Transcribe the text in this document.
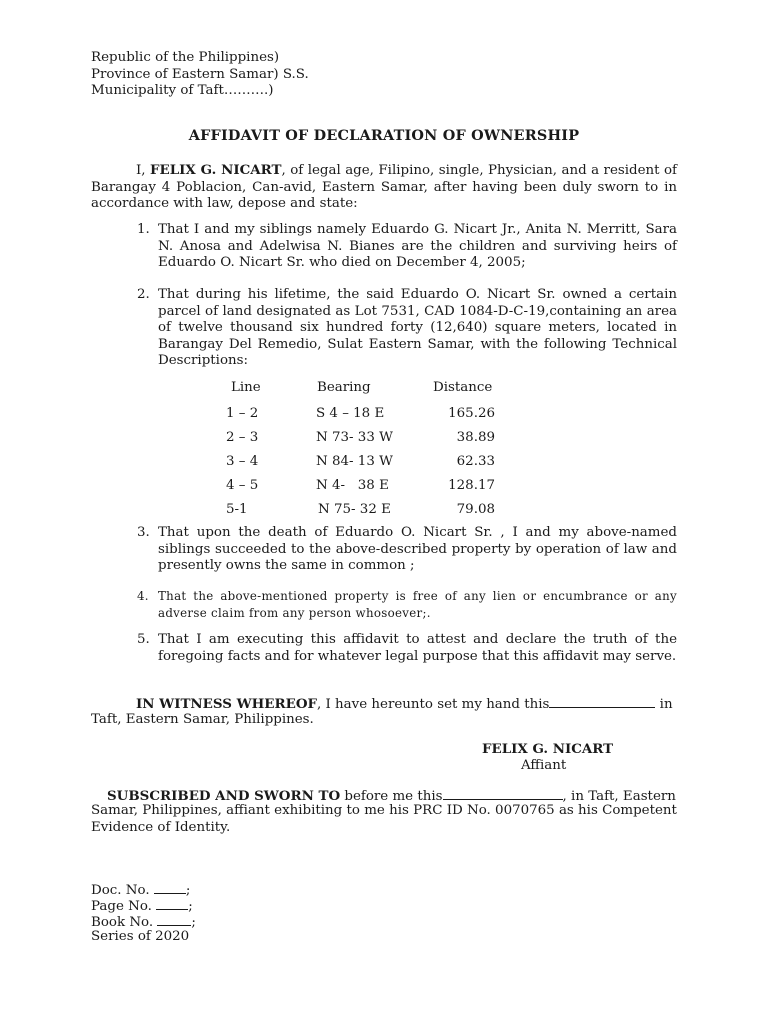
Republic of the Philippines)
Province of Eastern Samar) S.S.
Municipality of Taft……….)
AFFIDAVIT OF DECLARATION OF OWNERSHIP
I, FELIX G. NICART, of legal age, Filipino, single, Physician, and a resident of Barangay 4 Poblacion, Can-avid, Eastern Samar, after having been duly sworn to in accordance with law, depose and state:
1. That I and my siblings namely Eduardo G. Nicart Jr., Anita N. Merritt, Sara N. Anosa and Adelwisa N. Bianes are the children and surviving heirs of Eduardo O. Nicart Sr. who died on December 4, 2005;
2. That during his lifetime, the said Eduardo O. Nicart Sr. owned a certain parcel of land designated as Lot 7531, CAD 1084-D-C-19,containing an area of twelve thousand six hundred forty (12,640) square meters, located in Barangay Del Remedio, Sulat Eastern Samar, with the following Technical Descriptions:
Line	Bearing	Distance
1 – 2	S 4 – 18 E	165.26
2 – 3	N 73- 33 W	38.89
3 – 4	N 84- 13 W	62.33
4 – 5	N 4-   38 E	128.17
5-1	N 75- 32 E	79.08
3. That upon the death of Eduardo O. Nicart Sr. , I and my above-named siblings succeeded to the above-described property by operation of law and presently owns the same in common ;
4. That the above-mentioned property is free of any lien or encumbrance or any adverse claim from any person whosoever;.
5. That I am executing this affidavit to attest and declare the truth of the foregoing facts and for whatever legal purpose that this affidavit may serve.
IN WITNESS WHEREOF, I have hereunto set my hand this	in
Taft, Eastern Samar, Philippines.
FELIX G. NICART
Affiant
SUBSCRIBED AND SWORN TO before me this	, in Taft, Eastern
Samar, Philippines, affiant exhibiting to me his PRC ID No. 0070765 as his Competent
Evidence of Identity.
Doc. No. ;
Page No. ;
Book No.	;
Series of 2020
